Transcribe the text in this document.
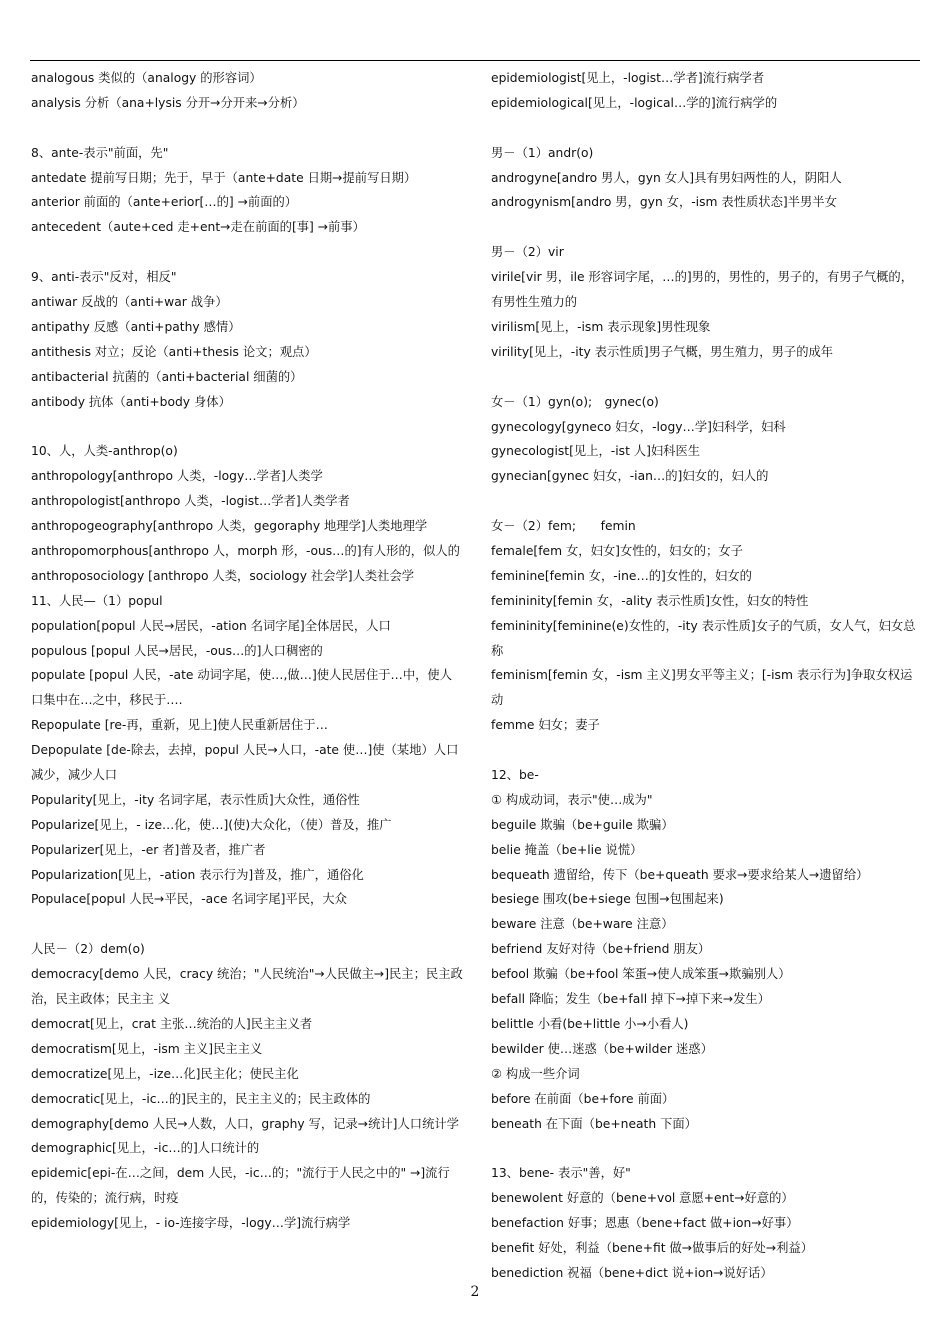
analogous 类似的（analogy 的形容词）
analysis 分析（ana+lysis 分开→分开来→分析）
8、ante-表示"前面，先"
antedate 提前写日期；先于，早于（ante+date 日期→提前写日期）
anterior 前面的（ante+erior[…的] →前面的）
antecedent（aute+ced 走+ent→走在前面的[事] →前事）
9、anti-表示"反对，相反"
antiwar 反战的（anti+war 战争）
antipathy 反感（anti+pathy 感情）
antithesis 对立；反论（anti+thesis 论文；观点）
antibacterial 抗菌的（anti+bacterial 细菌的）
antibody 抗体（anti+body 身体）
10、人，人类-anthrop(o)
anthropology[anthropo 人类，-logy…学者]人类学
anthropologist[anthropo 人类，-logist…学者]人类学者
anthropogeography[anthropo 人类，gegoraphy 地理学]人类地理学
anthropomorphous[anthropo 人，morph 形，-ous…的]有人形的，似人的
anthroposociology [anthropo 人类，sociology 社会学]人类社会学
11、人民—（1）popul
population[popul 人民→居民，-ation 名词字尾]全体居民，人口
populous [popul 人民→居民，-ous…的]人口稠密的
populate [popul 人民，-ate 动词字尾，使…,做…]使人民居住于…中，使人口集中在…之中，移民于….
Repopulate [re-再，重新，见上]使人民重新居住于…
Depopulate [de-除去，去掉，popul 人民→人口，-ate 使…]使（某地）人口减少，减少人口
Popularity[见上，-ity 名词字尾，表示性质]大众性，通俗性
Popularize[见上，- ize…化，使…](使)大众化，（使）普及，推广
Popularizer[见上，-er 者]普及者，推广者
Popularization[见上，-ation 表示行为]普及，推广，通俗化
Populace[popul 人民→平民，-ace 名词字尾]平民，大众
人民－（2）dem(o)
democracy[demo 人民，cracy 统治；"人民统治"→人民做主→]民主；民主政治，民主政体；民主主 义
democrat[见上，crat 主张…统治的人]民主主义者
democratism[见上，-ism 主义]民主主义
democratize[见上，-ize…化]民主化；使民主化
democratic[见上，-ic…的]民主的，民主主义的；民主政体的
demography[demo 人民→人数，人口，graphy 写，记录→统计]人口统计学
demographic[见上，-ic…的]人口统计的
epidemic[epi-在…之间，dem 人民，-ic…的；"流行于人民之中的" →]流行的，传染的；流行病，时疫
epidemiology[见上，- io-连接字母，-logy…学]流行病学
epidemiologist[见上，-logist…学者]流行病学者
epidemiological[见上，-logical…学的]流行病学的
男－（1）andr(o)
androgyne[andro 男人，gyn 女人]具有男妇两性的人，阴阳人
androgynism[andro 男，gyn 女，-ism 表性质状态]半男半女
男－（2）vir
virile[vir 男，ile 形容词字尾，…的]男的，男性的，男子的，有男子气概的，有男性生殖力的
virilism[见上，-ism 表示现象]男性现象
virility[见上，-ity 表示性质]男子气概，男生殖力，男子的成年
女－（1）gyn(o);　gynec(o)
gynecology[gyneco 妇女，-logy…学]妇科学，妇科
gynecologist[见上，-ist 人]妇科医生
gynecian[gynec 妇女，-ian…的]妇女的，妇人的
女－（2）fem;　　femin
female[fem 女，妇女]女性的，妇女的；女子
feminine[femin 女，-ine…的]女性的，妇女的
femininity[femin 女，-ality 表示性质]女性，妇女的特性
femininity[feminine(e)女性的，-ity 表示性质]女子的气质，女人气，妇女总称
feminism[femin 女，-ism 主义]男女平等主义；[-ism 表示行为]争取女权运动
femme 妇女；妻子
12、be-
① 构成动词，表示"使…成为"
beguile 欺骗（be+guile 欺骗）
belie 掩盖（be+lie 说慌）
bequeath 遗留给，传下（be+queath 要求→要求给某人→遗留给）
besiege 围攻(be+siege 包围→包围起来)
beware 注意（be+ware 注意）
befriend 友好对待（be+friend 朋友）
befool 欺骗（be+fool 笨蛋→使人成笨蛋→欺骗别人）
befall 降临；发生（be+fall 掉下→掉下来→发生）
belittle 小看(be+little 小→小看人)
bewilder 使…迷惑（be+wilder 迷惑）
② 构成一些介词
before 在前面（be+fore 前面）
beneath 在下面（be+neath 下面）
13、bene- 表示"善，好"
benewolent 好意的（bene+vol 意愿+ent→好意的）
benefaction 好事；恩惠（bene+fact 做+ion→好事）
benefit 好处，利益（bene+fit 做→做事后的好处→利益）
benediction 祝福（bene+dict 说+ion→说好话）
2
